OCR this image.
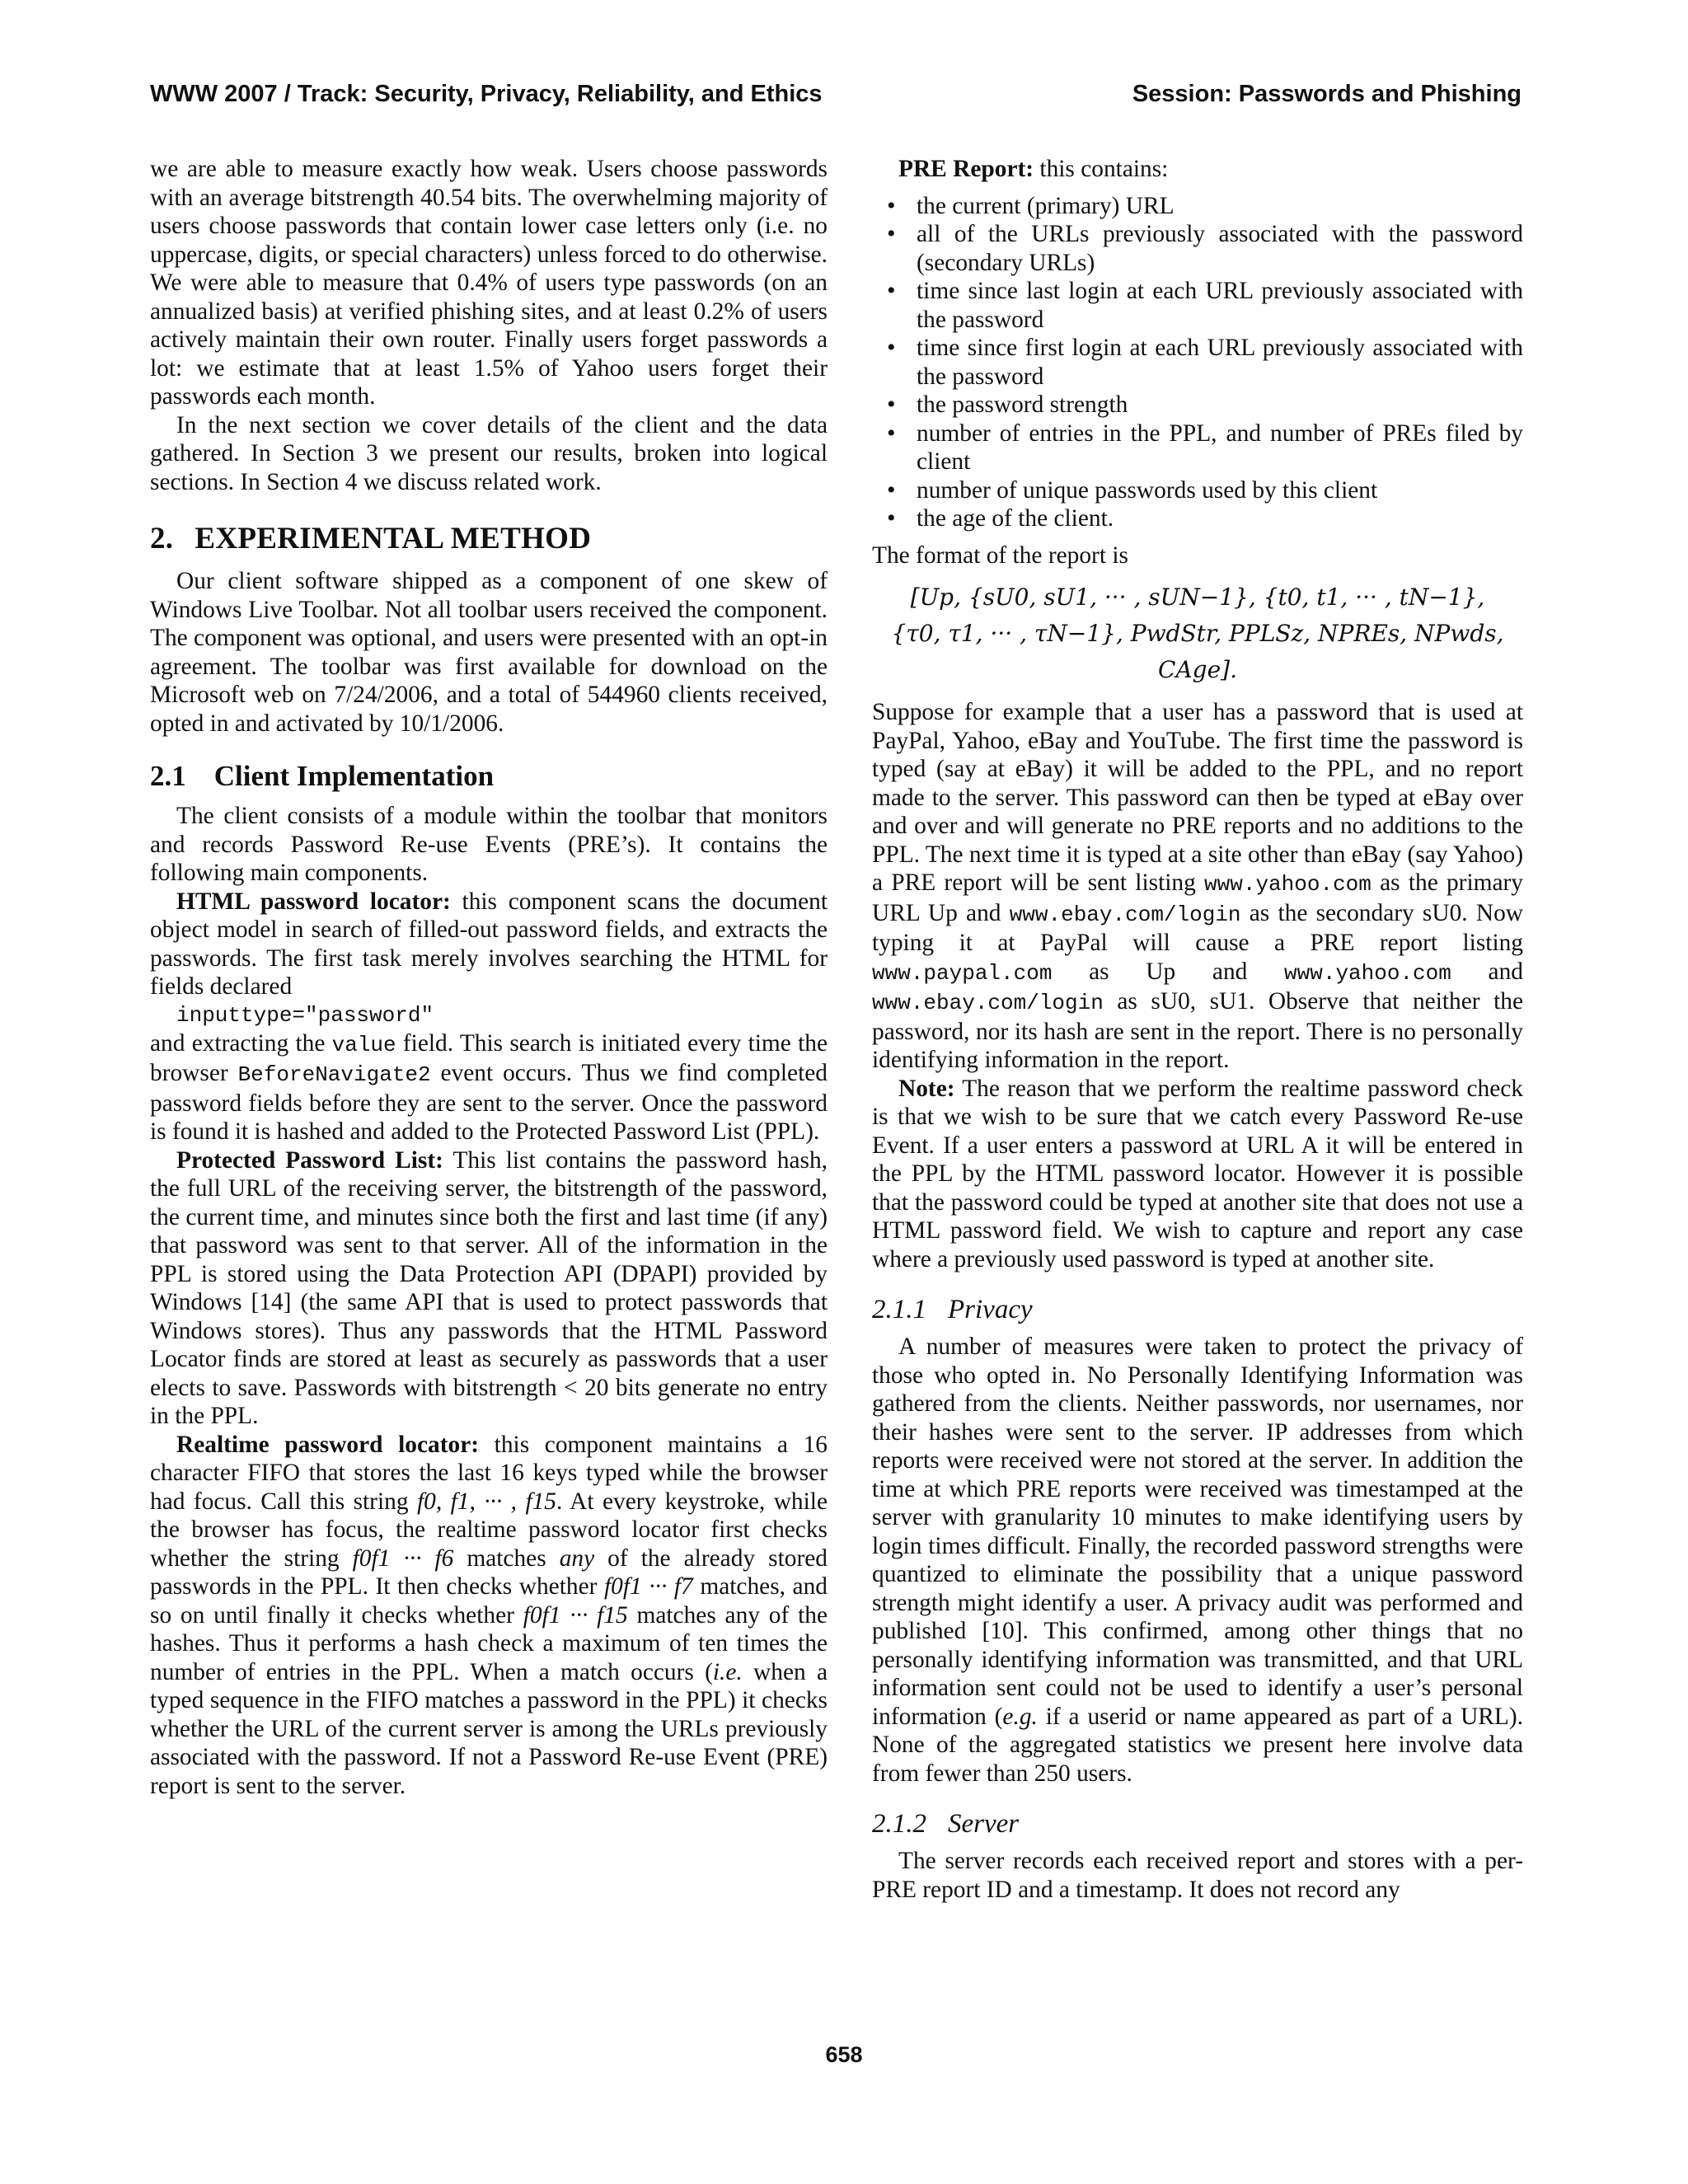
WWW 2007 / Track: Security, Privacy, Reliability, and Ethics	Session: Passwords and Phishing

we are able to measure exactly how weak. Users choose passwords with an average bitstrength 40.54 bits. The overwhelming majority of users choose passwords that contain lower case letters only (i.e. no uppercase, digits, or special characters) unless forced to do otherwise. We were able to measure that 0.4% of users type passwords (on an annualized basis) at verified phishing sites, and at least 0.2% of users actively maintain their own router. Finally users forget passwords a lot: we estimate that at least 1.5% of Yahoo users forget their passwords each month.

In the next section we cover details of the client and the data gathered. In Section 3 we present our results, broken into logical sections. In Section 4 we discuss related work.

2. EXPERIMENTAL METHOD

Our client software shipped as a component of one skew of Windows Live Toolbar. Not all toolbar users received the component. The component was optional, and users were presented with an opt-in agreement. The toolbar was first available for download on the Microsoft web on 7/24/2006, and a total of 544960 clients received, opted in and activated by 10/1/2006.

2.1 Client Implementation

The client consists of a module within the toolbar that monitors and records Password Re-use Events (PRE’s). It contains the following main components.

HTML password locator: this component scans the document object model in search of filled-out password fields, and extracts the passwords. The first task merely involves searching the HTML for fields declared

inputtype="password"

and extracting the value field. This search is initiated every time the browser BeforeNavigate2 event occurs. Thus we find completed password fields before they are sent to the server. Once the password is found it is hashed and added to the Protected Password List (PPL).

Protected Password List: This list contains the password hash, the full URL of the receiving server, the bitstrength of the password, the current time, and minutes since both the first and last time (if any) that password was sent to that server. All of the information in the PPL is stored using the Data Protection API (DPAPI) provided by Windows [14] (the same API that is used to protect passwords that Windows stores). Thus any passwords that the HTML Password Locator finds are stored at least as securely as passwords that a user elects to save. Passwords with bitstrength < 20 bits generate no entry in the PPL.

Realtime password locator: this component maintains a 16 character FIFO that stores the last 16 keys typed while the browser had focus. Call this string f0, f1, ··· , f15. At every keystroke, while the browser has focus, the realtime password locator first checks whether the string f0f1 ··· f6 matches any of the already stored passwords in the PPL. It then checks whether f0f1 ··· f7 matches, and so on until finally it checks whether f0f1 ··· f15 matches any of the hashes. Thus it performs a hash check a maximum of ten times the number of entries in the PPL. When a match occurs (i.e. when a typed sequence in the FIFO matches a password in the PPL) it checks whether the URL of the current server is among the URLs previously associated with the password. If not a Password Re-use Event (PRE) report is sent to the server.

PRE Report: this contains:

• the current (primary) URL
• all of the URLs previously associated with the password (secondary URLs)
• time since last login at each URL previously associated with the password
• time since first login at each URL previously associated with the password
• the password strength
• number of entries in the PPL, and number of PREs filed by client
• number of unique passwords used by this client
• the age of the client.

The format of the report is

[Up, {sU0, sU1, ··· , sUN−1}, {t0, t1, ··· , tN−1},
{τ0, τ1, ··· , τN−1}, PwdStr, PPLSz, NPREs, NPwds, CAge].

Suppose for example that a user has a password that is used at PayPal, Yahoo, eBay and YouTube. The first time the password is typed (say at eBay) it will be added to the PPL, and no report made to the server. This password can then be typed at eBay over and over and will generate no PRE reports and no additions to the PPL. The next time it is typed at a site other than eBay (say Yahoo) a PRE report will be sent listing www.yahoo.com as the primary URL Up and www.ebay.com/login as the secondary sU0. Now typing it at PayPal will cause a PRE report listing www.paypal.com as Up and www.yahoo.com and www.ebay.com/login as sU0, sU1. Observe that neither the password, nor its hash are sent in the report. There is no personally identifying information in the report.

Note: The reason that we perform the realtime password check is that we wish to be sure that we catch every Password Re-use Event. If a user enters a password at URL A it will be entered in the PPL by the HTML password locator. However it is possible that the password could be typed at another site that does not use a HTML password field. We wish to capture and report any case where a previously used password is typed at another site.

2.1.1 Privacy

A number of measures were taken to protect the privacy of those who opted in. No Personally Identifying Information was gathered from the clients. Neither passwords, nor usernames, nor their hashes were sent to the server. IP addresses from which reports were received were not stored at the server. In addition the time at which PRE reports were received was timestamped at the server with granularity 10 minutes to make identifying users by login times difficult. Finally, the recorded password strengths were quantized to eliminate the possibility that a unique password strength might identify a user. A privacy audit was performed and published [10]. This confirmed, among other things that no personally identifying information was transmitted, and that URL information sent could not be used to identify a user’s personal information (e.g. if a userid or name appeared as part of a URL). None of the aggregated statistics we present here involve data from fewer than 250 users.

2.1.2 Server

The server records each received report and stores with a per-PRE report ID and a timestamp. It does not record any

658
